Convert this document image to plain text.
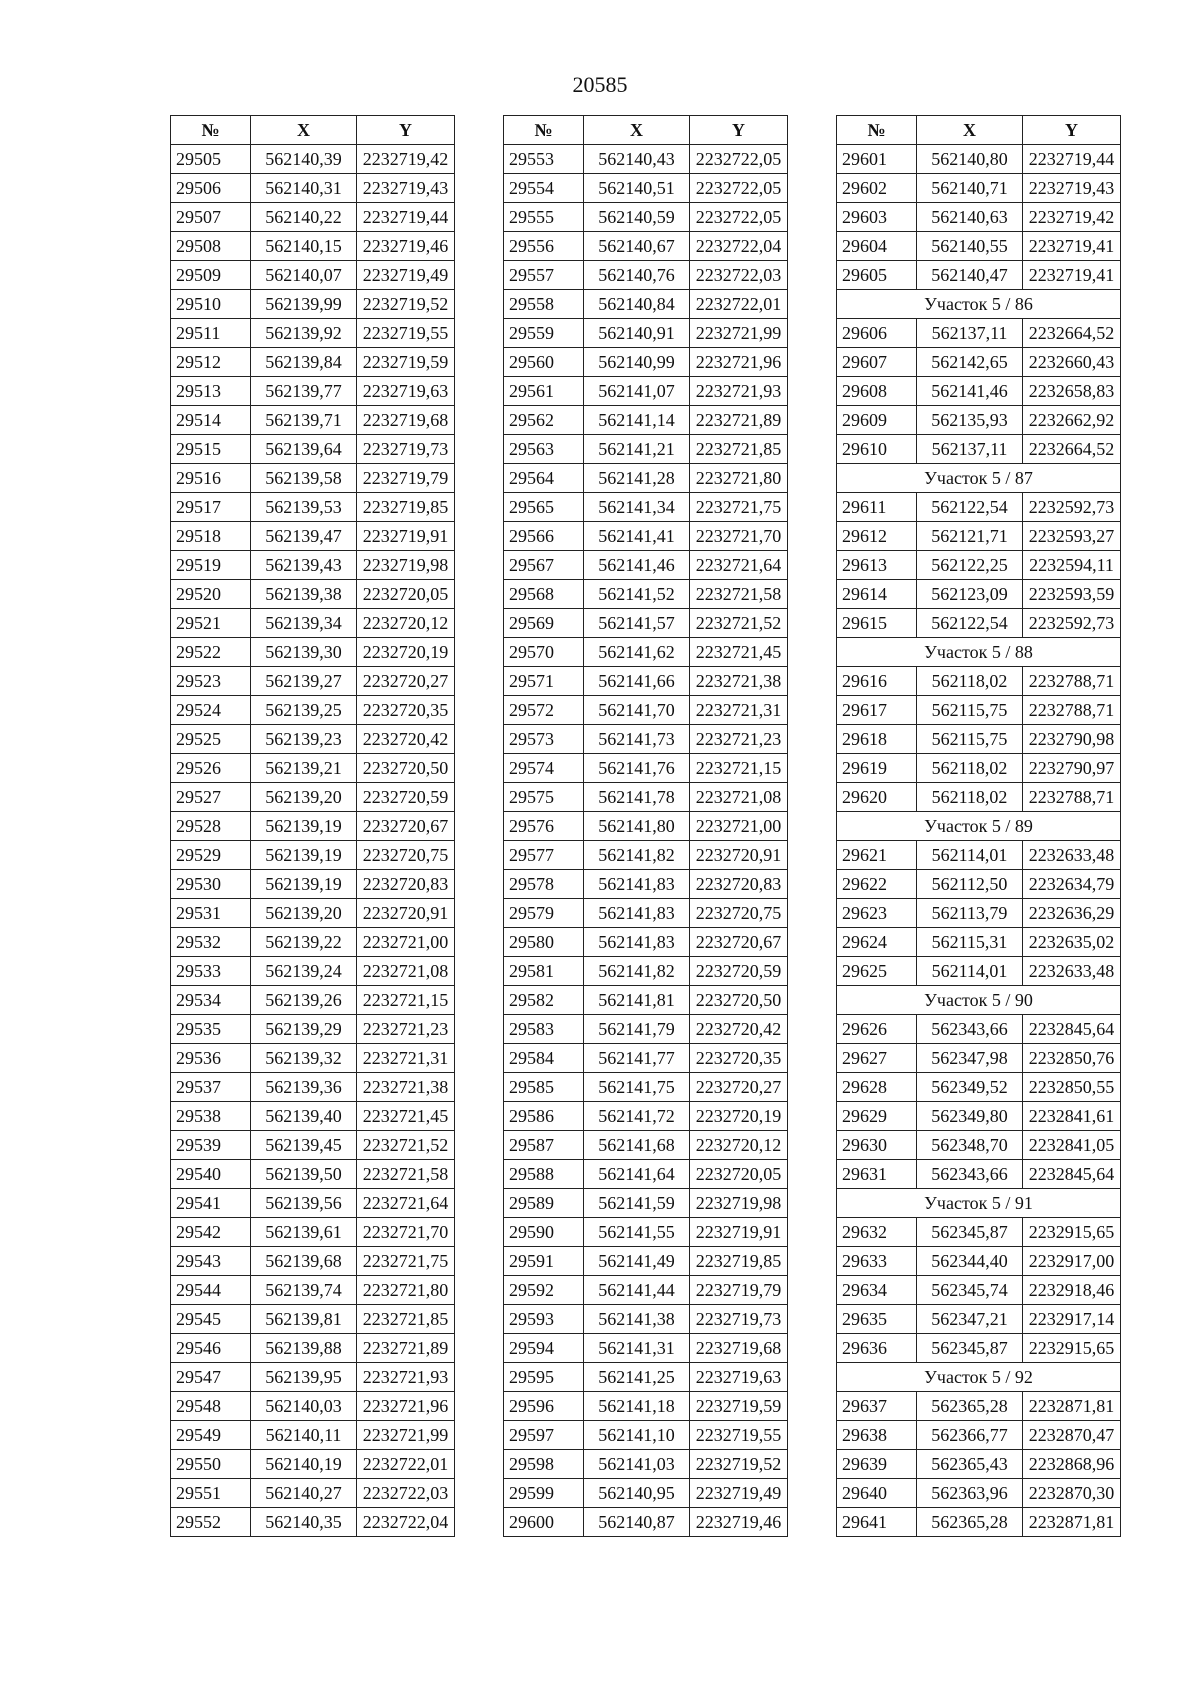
20585
№	X	Y
29505	562140,39	2232719,42
29506	562140,31	2232719,43
29507	562140,22	2232719,44
29508	562140,15	2232719,46
29509	562140,07	2232719,49
29510	562139,99	2232719,52
29511	562139,92	2232719,55
29512	562139,84	2232719,59
29513	562139,77	2232719,63
29514	562139,71	2232719,68
29515	562139,64	2232719,73
29516	562139,58	2232719,79
29517	562139,53	2232719,85
29518	562139,47	2232719,91
29519	562139,43	2232719,98
29520	562139,38	2232720,05
29521	562139,34	2232720,12
29522	562139,30	2232720,19
29523	562139,27	2232720,27
29524	562139,25	2232720,35
29525	562139,23	2232720,42
29526	562139,21	2232720,50
29527	562139,20	2232720,59
29528	562139,19	2232720,67
29529	562139,19	2232720,75
29530	562139,19	2232720,83
29531	562139,20	2232720,91
29532	562139,22	2232721,00
29533	562139,24	2232721,08
29534	562139,26	2232721,15
29535	562139,29	2232721,23
29536	562139,32	2232721,31
29537	562139,36	2232721,38
29538	562139,40	2232721,45
29539	562139,45	2232721,52
29540	562139,50	2232721,58
29541	562139,56	2232721,64
29542	562139,61	2232721,70
29543	562139,68	2232721,75
29544	562139,74	2232721,80
29545	562139,81	2232721,85
29546	562139,88	2232721,89
29547	562139,95	2232721,93
29548	562140,03	2232721,96
29549	562140,11	2232721,99
29550	562140,19	2232722,01
29551	562140,27	2232722,03
29552	562140,35	2232722,04
№	X	Y
29553	562140,43	2232722,05
29554	562140,51	2232722,05
29555	562140,59	2232722,05
29556	562140,67	2232722,04
29557	562140,76	2232722,03
29558	562140,84	2232722,01
29559	562140,91	2232721,99
29560	562140,99	2232721,96
29561	562141,07	2232721,93
29562	562141,14	2232721,89
29563	562141,21	2232721,85
29564	562141,28	2232721,80
29565	562141,34	2232721,75
29566	562141,41	2232721,70
29567	562141,46	2232721,64
29568	562141,52	2232721,58
29569	562141,57	2232721,52
29570	562141,62	2232721,45
29571	562141,66	2232721,38
29572	562141,70	2232721,31
29573	562141,73	2232721,23
29574	562141,76	2232721,15
29575	562141,78	2232721,08
29576	562141,80	2232721,00
29577	562141,82	2232720,91
29578	562141,83	2232720,83
29579	562141,83	2232720,75
29580	562141,83	2232720,67
29581	562141,82	2232720,59
29582	562141,81	2232720,50
29583	562141,79	2232720,42
29584	562141,77	2232720,35
29585	562141,75	2232720,27
29586	562141,72	2232720,19
29587	562141,68	2232720,12
29588	562141,64	2232720,05
29589	562141,59	2232719,98
29590	562141,55	2232719,91
29591	562141,49	2232719,85
29592	562141,44	2232719,79
29593	562141,38	2232719,73
29594	562141,31	2232719,68
29595	562141,25	2232719,63
29596	562141,18	2232719,59
29597	562141,10	2232719,55
29598	562141,03	2232719,52
29599	562140,95	2232719,49
29600	562140,87	2232719,46
№	X	Y
29601	562140,80	2232719,44
29602	562140,71	2232719,43
29603	562140,63	2232719,42
29604	562140,55	2232719,41
29605	562140,47	2232719,41
Участок 5 / 86		
29606	562137,11	2232664,52
29607	562142,65	2232660,43
29608	562141,46	2232658,83
29609	562135,93	2232662,92
29610	562137,11	2232664,52
Участок 5 / 87		
29611	562122,54	2232592,73
29612	562121,71	2232593,27
29613	562122,25	2232594,11
29614	562123,09	2232593,59
29615	562122,54	2232592,73
Участок 5 / 88		
29616	562118,02	2232788,71
29617	562115,75	2232788,71
29618	562115,75	2232790,98
29619	562118,02	2232790,97
29620	562118,02	2232788,71
Участок 5 / 89		
29621	562114,01	2232633,48
29622	562112,50	2232634,79
29623	562113,79	2232636,29
29624	562115,31	2232635,02
29625	562114,01	2232633,48
Участок 5 / 90		
29626	562343,66	2232845,64
29627	562347,98	2232850,76
29628	562349,52	2232850,55
29629	562349,80	2232841,61
29630	562348,70	2232841,05
29631	562343,66	2232845,64
Участок 5 / 91		
29632	562345,87	2232915,65
29633	562344,40	2232917,00
29634	562345,74	2232918,46
29635	562347,21	2232917,14
29636	562345,87	2232915,65
Участок 5 / 92		
29637	562365,28	2232871,81
29638	562366,77	2232870,47
29639	562365,43	2232868,96
29640	562363,96	2232870,30
29641	562365,28	2232871,81
